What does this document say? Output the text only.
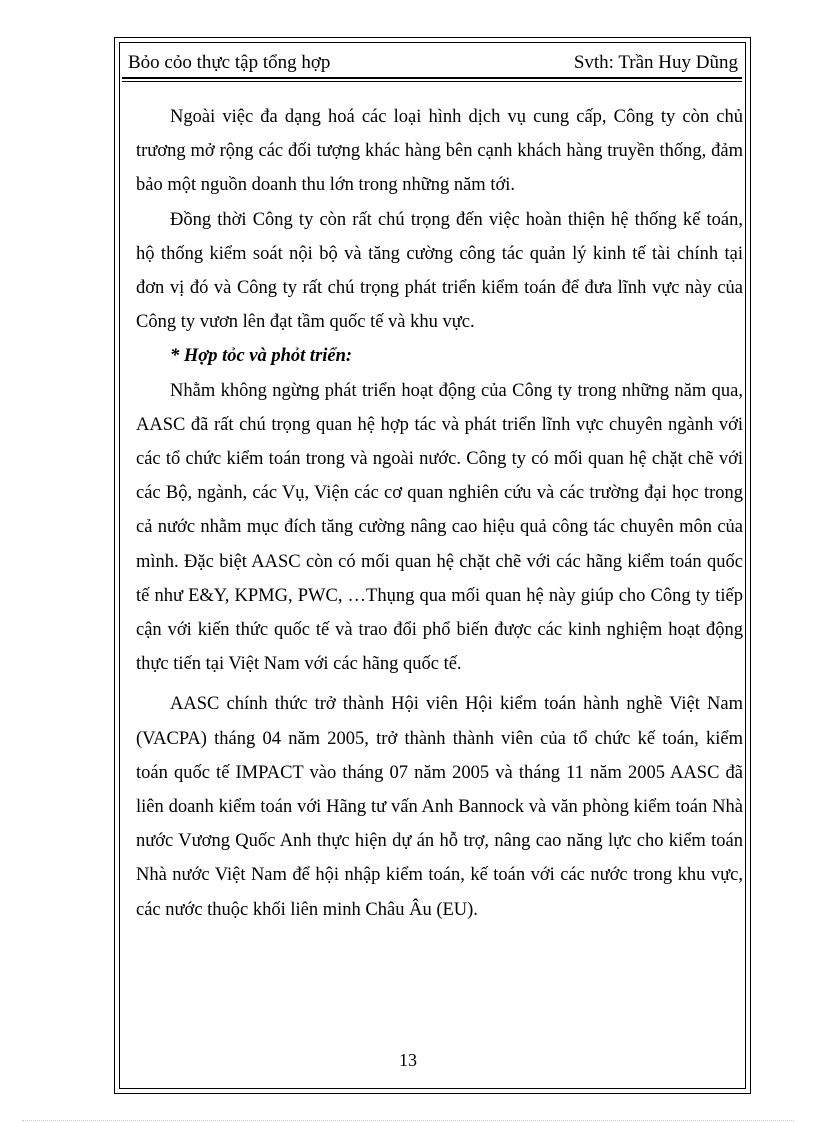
Bỏo cỏo thực tập tổng hợp	Svth: Trần Huy Dũng

Ngoài việc đa dạng hoá các loại hình dịch vụ cung cấp, Công ty còn chủ trương mở rộng các đối tượng khác hàng bên cạnh khách hàng truyền thống, đảm bảo một nguồn doanh thu lớn trong những năm tới.

Đồng thời Công ty còn rất chú trọng đến việc hoàn thiện hệ thống kế toán, hộ thống kiểm soát nội bộ và tăng cường công tác quản lý kinh tế tài chính tại đơn vị đó và Công ty rất chú trọng phát triển kiểm toán để đưa lĩnh vực này của Công ty vươn lên đạt tầm quốc tế và khu vực.

* Hợp tỏc và phỏt triển:

Nhằm không ngừng phát triển hoạt động của Công ty trong những năm qua, AASC đã rất chú trọng quan hệ hợp tác và phát triển lĩnh vực chuyên ngành với các tổ chức kiểm toán trong và ngoài nước. Công ty có mối quan hệ chặt chẽ với các Bộ, ngành, các Vụ, Viện các cơ quan nghiên cứu và các trường đại học trong cả nước nhằm mục đích tăng cường nâng cao hiệu quả công tác chuyên môn của mình. Đặc biệt AASC còn có mối quan hệ chặt chẽ với các hãng kiểm toán quốc tế như E&Y, KPMG, PWC, …Thụng qua mối quan hệ này giúp cho Công ty tiếp cận với kiến thức quốc tế và trao đổi phổ biến được các kinh nghiệm hoạt động thực tiến tại Việt Nam với các hãng quốc tế.

AASC chính thức trở thành Hội viên Hội kiểm toán hành nghề Việt Nam (VACPA) tháng 04 năm 2005, trở thành thành viên của tổ chức kế toán, kiểm toán quốc tế IMPACT vào tháng 07 năm 2005 và tháng 11 năm 2005 AASC đã liên doanh kiểm toán với Hãng tư vấn Anh Bannock và văn phòng kiểm toán Nhà nước Vương Quốc Anh thực hiện dự án hỗ trợ, nâng cao năng lực cho kiểm toán Nhà nước Việt Nam để hội nhập kiểm toán, kế toán với các nước trong khu vực, các nước thuộc khối liên minh Châu Âu (EU).

13
